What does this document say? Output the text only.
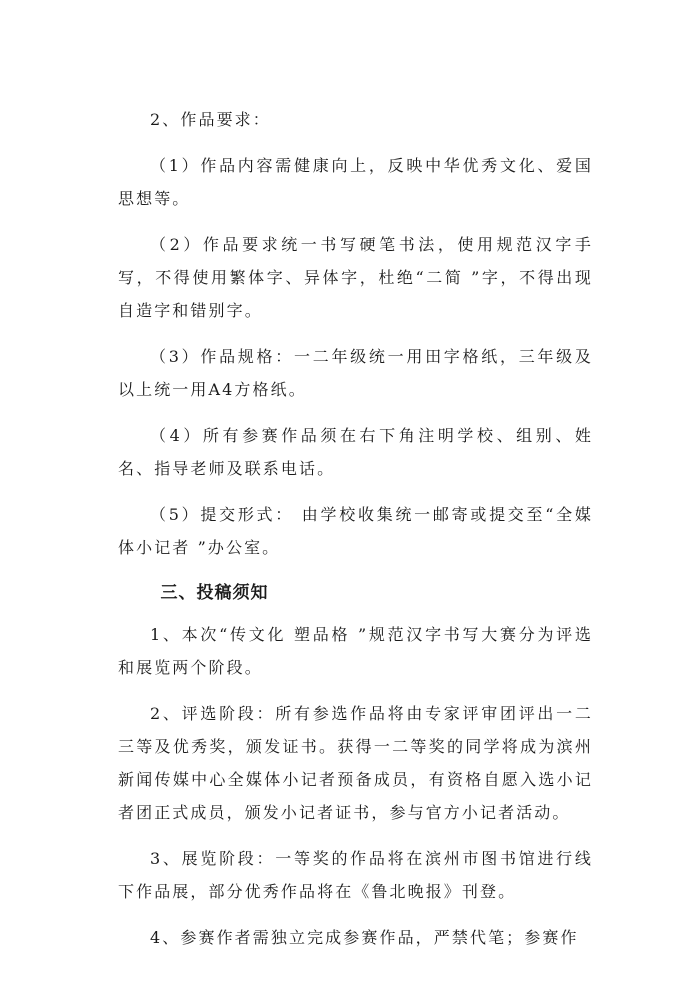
2、作品要求：

（1）作品内容需健康向上，反映中华优秀文化、爱国思想等。

（2）作品要求统一书写硬笔书法，使用规范汉字手写，不得使用繁体字、异体字，杜绝“二简 ”字，不得出现自造字和错别字。

（3）作品规格：一二年级统一用田字格纸，三年级及以上统一用A4方格纸。

（4）所有参赛作品须在右下角注明学校、组别、姓名、指导老师及联系电话。

（5）提交形式： 由学校收集统一邮寄或提交至“全媒体小记者 ”办公室。

三、投稿须知

1、本次“传文化 塑品格 ”规范汉字书写大赛分为评选和展览两个阶段。

2、评选阶段：所有参选作品将由专家评审团评出一二三等及优秀奖，颁发证书。获得一二等奖的同学将成为滨州新闻传媒中心全媒体小记者预备成员，有资格自愿入选小记者团正式成员，颁发小记者证书，参与官方小记者活动。

3、展览阶段：一等奖的作品将在滨州市图书馆进行线下作品展，部分优秀作品将在《鲁北晚报》刊登。

4、参赛作者需独立完成参赛作品，严禁代笔；参赛作
